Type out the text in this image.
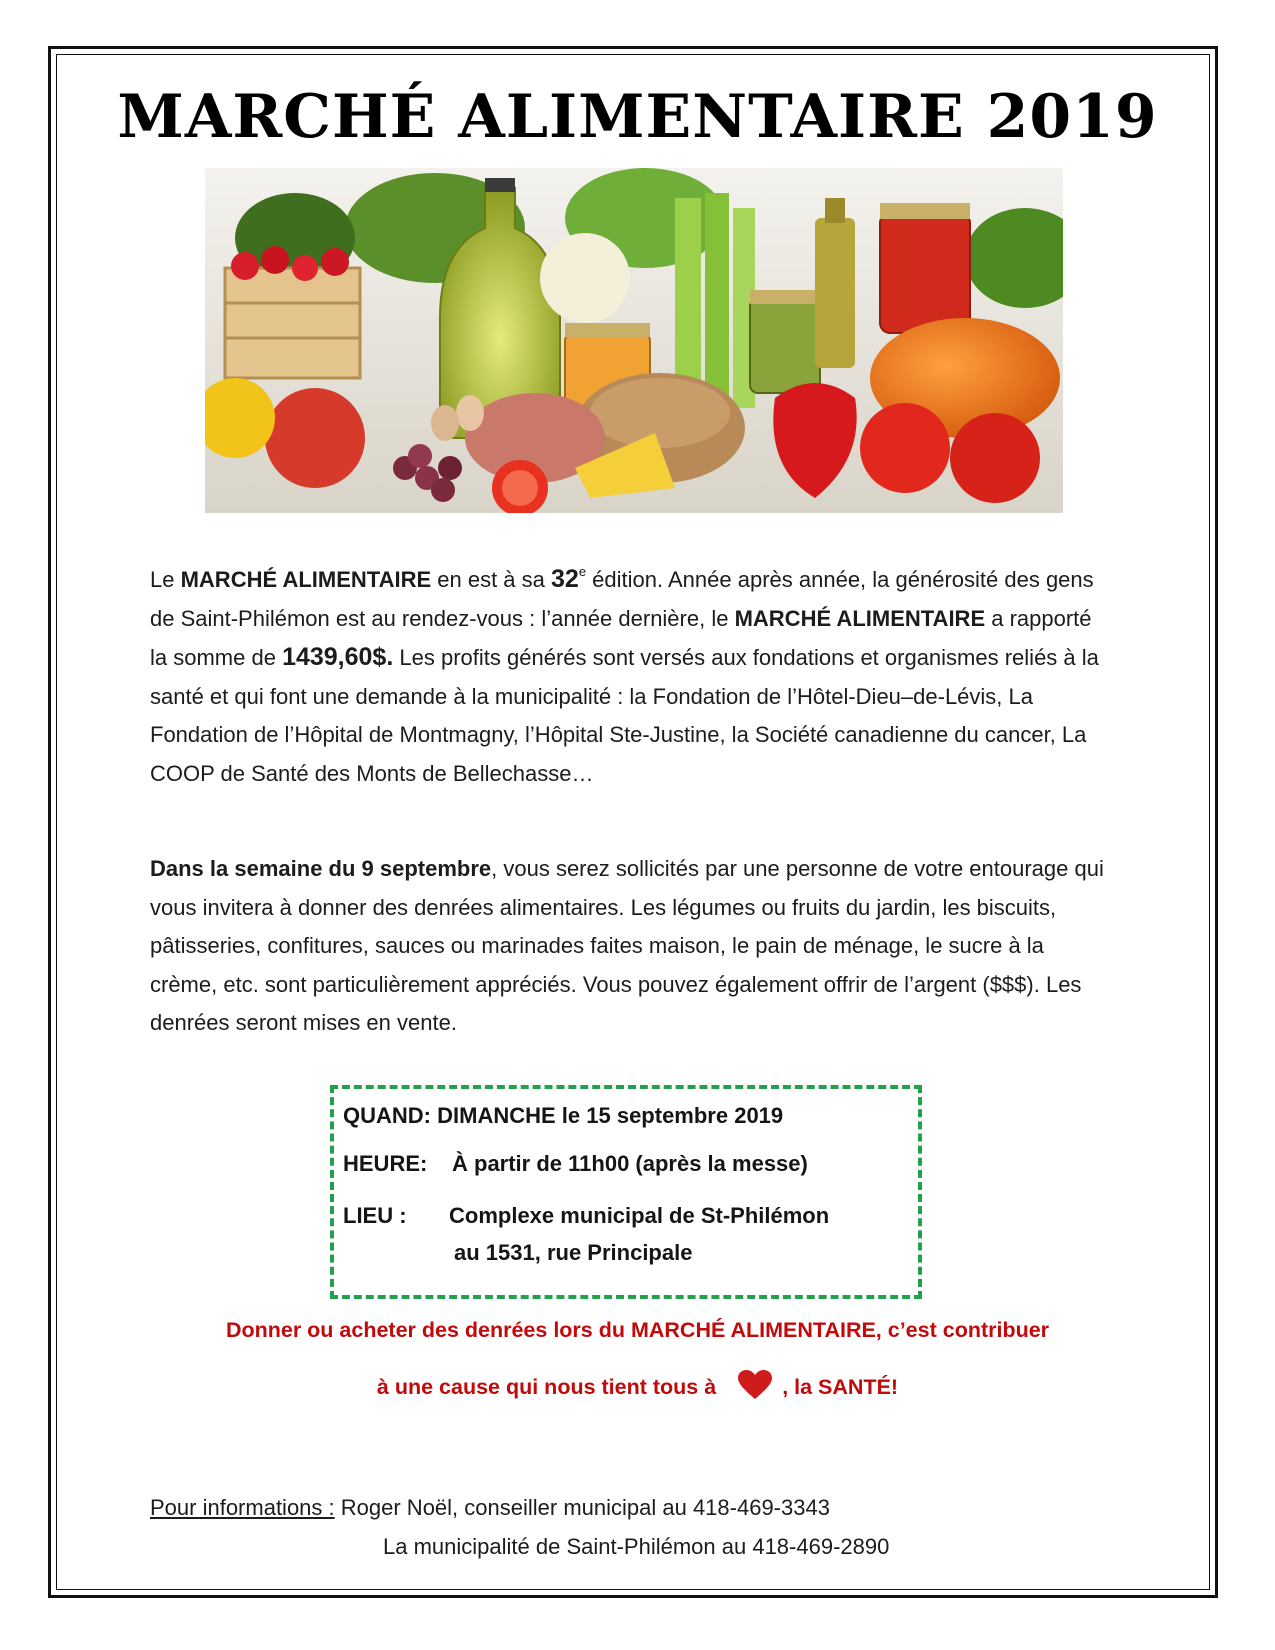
MARCHÉ ALIMENTAIRE 2019

Le MARCHÉ ALIMENTAIRE en est à sa 32e édition. Année après année, la générosité des gens de Saint-Philémon est au rendez-vous : l’année dernière, le MARCHÉ ALIMENTAIRE a rapporté la somme de 1439,60$. Les profits générés sont versés aux fondations et organismes reliés à la santé et qui font une demande à la municipalité : la Fondation de l’Hôtel-Dieu–de-Lévis, La Fondation de l’Hôpital de Montmagny, l’Hôpital Ste-Justine, la Société canadienne du cancer, La COOP de Santé des Monts de Bellechasse…

Dans la semaine du 9 septembre, vous serez sollicités par une personne de votre entourage qui vous invitera à donner des denrées alimentaires. Les légumes ou fruits du jardin, les biscuits, pâtisseries, confitures, sauces ou marinades faites maison, le pain de ménage, le sucre à la crème, etc. sont particulièrement appréciés. Vous pouvez également offrir de l’argent ($$$). Les denrées seront mises en vente.

QUAND: DIMANCHE le 15 septembre 2019
HEURE: À partir de 11h00 (après la messe)
LIEU : Complexe municipal de St-Philémon
au 1531, rue Principale

Donner ou acheter des denrées lors du MARCHÉ ALIMENTAIRE, c’est contribuer

à une cause qui nous tient tous à	, la SANTÉ!

Pour informations : Roger Noël, conseiller municipal au 418-469-3343
La municipalité de Saint-Philémon au 418-469-2890
